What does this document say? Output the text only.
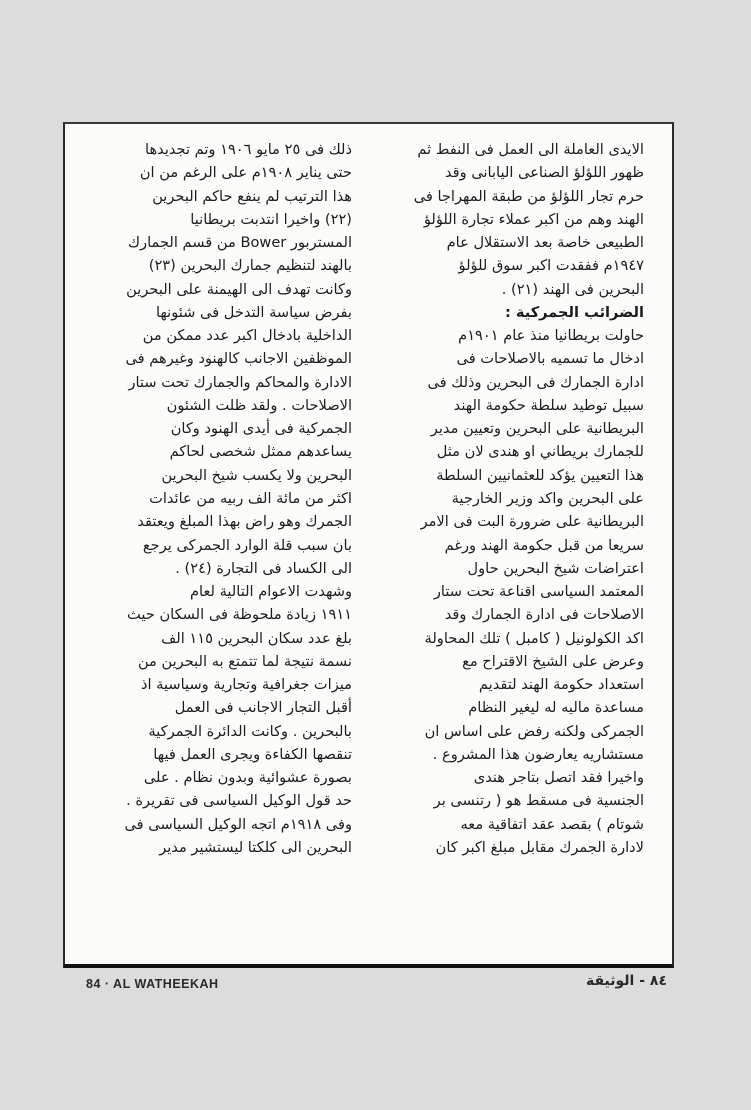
الايدى العاملة الى العمل فى النفط ثم
ظهور اللؤلؤ الصناعى اليابانى وقد
حرم تجار اللؤلؤ من طبقة المهراجا فى
الهند وهم من اكبر عملاء تجارة اللؤلؤ
الطبيعى خاصة بعد الاستقلال عام
١٩٤٧م ففقدت اكبر سوق للؤلؤ
البحرين فى الهند (٢١) .
الضرائب الجمركية :
حاولت بريطانيا منذ عام ١٩٠١م
ادخال ما تسميه بالاصلاحات فى
ادارة الجمارك فى البحرين وذلك فى
سبيل توطيد سلطة حكومة الهند
البريطانية على البحرين وتعيين مدير
للجمارك بريطاني او هندى لان مثل
هذا التعيين يؤكد للعثمانيين السلطة
على البحرين واكد وزير الخارجية
البريطانية على ضرورة البت فى الامر
سريعا من قبل حكومة الهند ورغم
اعتراضات شيخ البحرين حاول
المعتمد السياسى اقناعة تحت ستار
الاصلاحات فى ادارة الجمارك وقد
اكد الكولونيل ( كامبل ) تلك المحاولة
وعرض على الشيخ الاقتراح مع
استعداد حكومة الهند لتقديم
مساعدة ماليه له ليغير النظام
الجمركى ولكنه رفض على اساس ان
مستشاريه يعارضون هذا المشروع .
واخيرا فقد اتصل بتاجر هندى
الجنسية فى مسقط هو ( رتنسى بر
شوتام ) بقصد عقد اتفاقية معه
لادارة الجمرك مقابل مبلغ اكبر كان
ذلك فى ٢٥ مايو ١٩٠٦ وتم تجديدها
حتى يناير ١٩٠٨م على الرغم من ان
هذا الترتيب لم ينفع حاكم البحرين
(٢٢) واخيرا انتدبت بريطانيا
المستربور Bower من قسم الجمارك
بالهند لتنظيم جمارك البحرين (٢٣)
وكانت تهدف الى الهيمنة على البحرين
بفرض سياسة التدخل فى شئونها
الداخلية بادخال اكبر عدد ممكن من
الموظفين الاجانب كالهنود وغيرهم فى
الادارة والمحاكم والجمارك تحت ستار
الاصلاحات . ولقد ظلت الشئون
الجمركية فى أيدى الهنود وكان
يساعدهم ممثل شخصى لحاكم
البحرين ولا يكسب شيخ البحرين
اكثر من مائة الف ربيه من عائدات
الجمرك وهو راض بهذا المبلغ ويعتقد
بان سبب قلة الوارد الجمركى يرجع
الى الكساد فى التجارة (٢٤) .
وشهدت الاعوام التالية لعام
١٩١١ زيادة ملحوظة فى السكان حيث
بلغ عدد سكان البحرين ١١٥ الف
نسمة نتيجة لما تتمتع به البحرين من
ميزات جغرافية وتجارية وسياسية اذ
أقبل التجار الاجانب فى العمل
بالبحرين . وكانت الدائرة الجمركية
تنقصها الكفاءة ويجرى العمل فيها
بصورة عشوائية وبدون نظام . على
حد قول الوكيل السياسى فى تقريرة .
وفى ١٩١٨م اتجه الوكيل السياسى فى
البحرين الى كلكتا ليستشير مدير
84 · AL WATHEEKAH	٨٤ - الوثيقة
